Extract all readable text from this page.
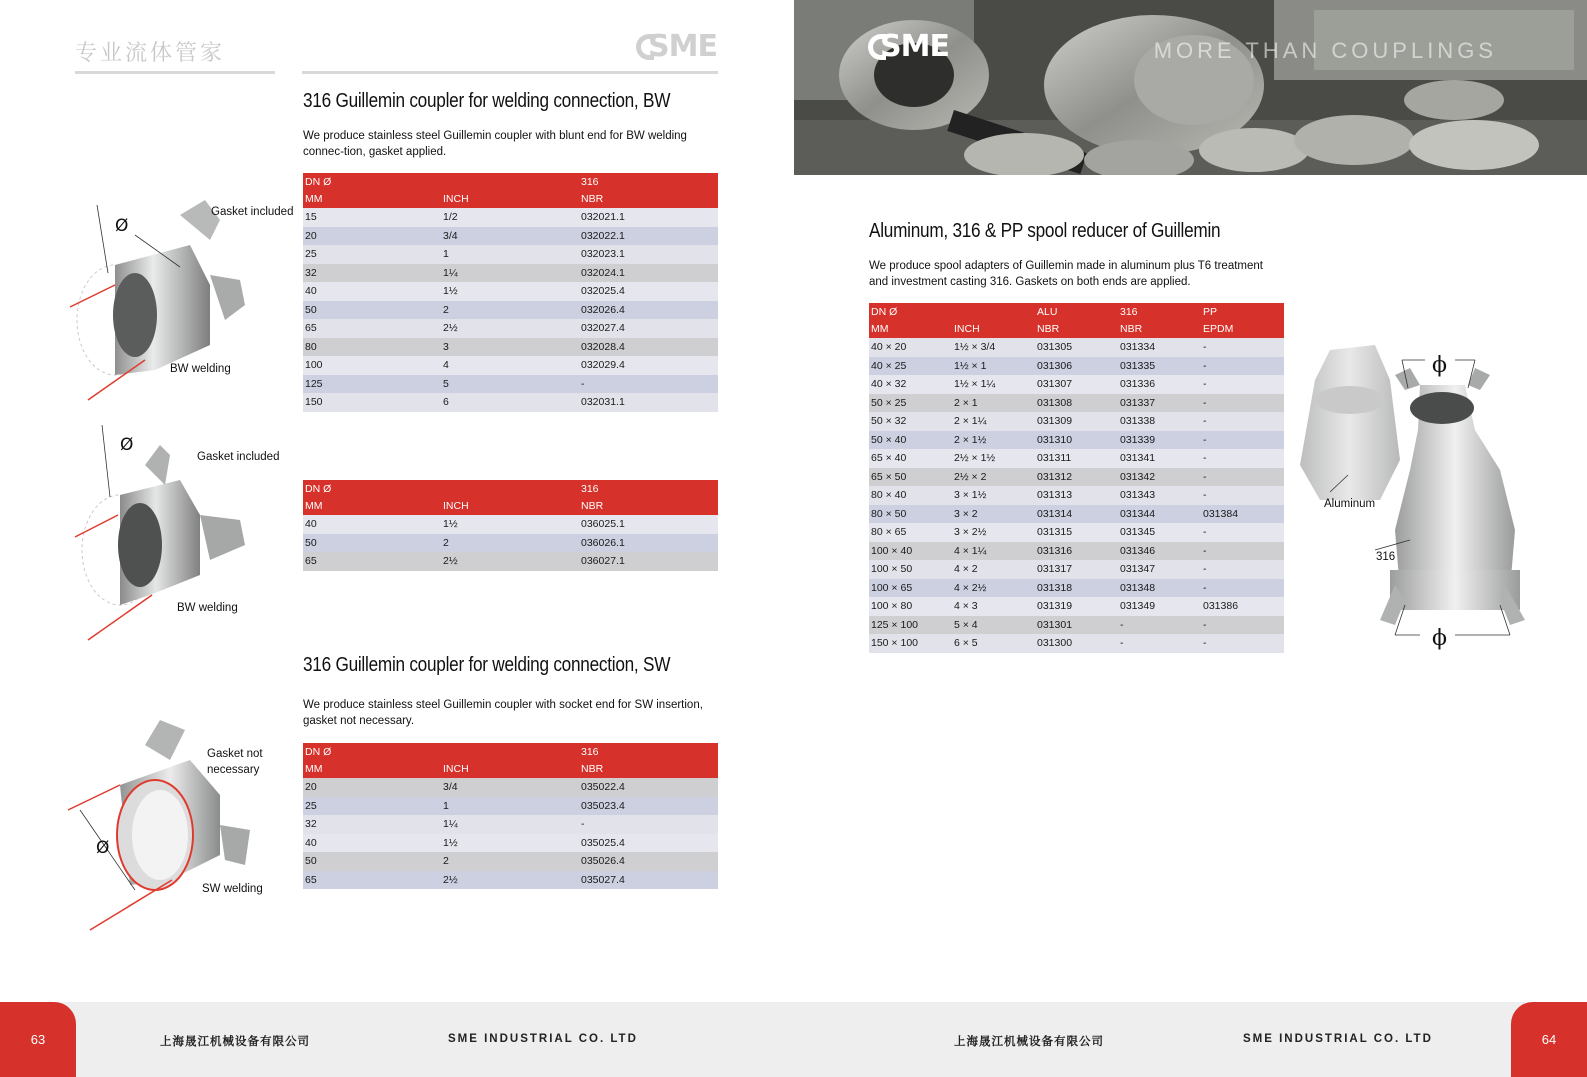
专业流体管家	SME	SME	MORE THAN COUPLINGS
316 Guillemin coupler for welding connection, BW
We produce stainless steel Guillemin coupler with blunt end for BW welding connec-tion, gasket applied.
DN Ø		316
MM	INCH	NBR
15	1/2	032021.1
20	3/4	032022.1
25	1	032023.1
32	1¼	032024.1
40	1½	032025.4
50	2	032026.4
65	2½	032027.4
80	3	032028.4
100	4	032029.4
125	5	-
150	6	032031.1
DN Ø		316
MM	INCH	NBR
40	1½	036025.1
50	2	036026.1
65	2½	036027.1
316 Guillemin coupler for welding connection, SW
We produce stainless steel Guillemin coupler with socket end for SW insertion, gasket not necessary.
DN Ø		316
MM	INCH	NBR
20	3/4	035022.4
25	1	035023.4
32	1¼	-
40	1½	035025.4
50	2	035026.4
65	2½	035027.4
Aluminum, 316 & PP spool reducer of Guillemin
We produce spool adapters of Guillemin made in aluminum plus T6 treatment and investment casting 316. Gaskets on both ends are applied.
DN Ø		ALU	316	PP
MM	INCH	NBR	NBR	EPDM
40 × 20	1½ × 3/4	031305	031334	-
40 × 25	1½ × 1	031306	031335	-
40 × 32	1½ × 1¼	031307	031336	-
50 × 25	2 × 1	031308	031337	-
50 × 32	2 × 1¼	031309	031338	-
50 × 40	2 × 1½	031310	031339	-
65 × 40	2½ × 1½	031311	031341	-
65 × 50	2½ × 2	031312	031342	-
80 × 40	3 × 1½	031313	031343	-
80 × 50	3 × 2	031314	031344	031384
80 × 65	3 × 2½	031315	031345	-
100 × 40	4 × 1¼	031316	031346	-
100 × 50	4 × 2	031317	031347	-
100 × 65	4 × 2½	031318	031348	-
100 × 80	4 × 3	031319	031349	031386
125 × 100	5 × 4	031301	-	-
150 × 100	6 × 5	031300	-	-
Ø
Gasket included
BW welding
Ø
Gasket included
BW welding
Ø
Gasket not
necessary
SW welding
ϕ
ϕ
Aluminum
316
63	64
上海晟江机械设备有限公司	SME INDUSTRIAL CO. LTD	上海晟江机械设备有限公司	SME INDUSTRIAL CO. LTD
